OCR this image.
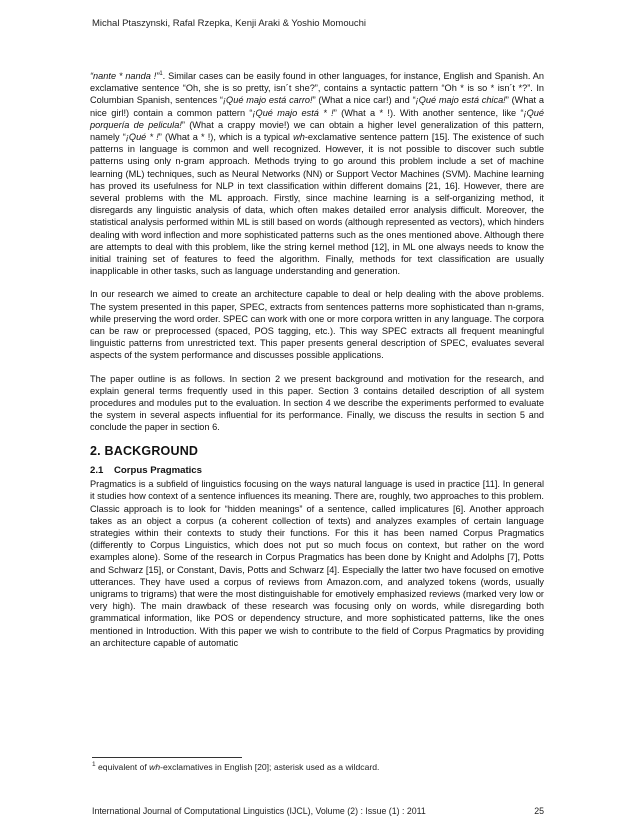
Michal Ptaszynski, Rafal Rzepka, Kenji Araki & Yoshio Momouchi

“nante * nanda !”$^1$. Similar cases can be easily found in other languages, for instance, English and Spanish. An exclamative sentence “Oh, she is so pretty, isn´t she?”, contains a syntactic pattern “Oh * is so * isn´t *?”. In Columbian Spanish, sentences “¡Qué majo está carro!” (What a nice car!) and “¡Qué majo está chica!” (What a nice girl!) contain a common pattern “¡Qué majo está * !” (What a * !). With another sentence, like “¡Qué porquería de pelicula!” (What a crappy movie!) we can obtain a higher level generalization of this pattern, namely “¡Qué * !” (What a * !), which is a typical wh-exclamative sentence pattern [15]. The existence of such patterns in language is common and well recognized. However, it is not possible to discover such subtle patterns using only n-gram approach. Methods trying to go around this problem include a set of machine learning (ML) techniques, such as Neural Networks (NN) or Support Vector Machines (SVM). Machine learning has proved its usefulness for NLP in text classification within different domains [21, 16]. However, there are several problems with the ML approach. Firstly, since machine learning is a self-organizing method, it disregards any linguistic analysis of data, which often makes detailed error analysis difficult. Moreover, the statistical analysis performed within ML is still based on words (although represented as vectors), which hinders dealing with word inflection and more sophisticated patterns such as the ones mentioned above. Although there are attempts to deal with this problem, like the string kernel method [12], in ML one always needs to know the initial training set of features to feed the algorithm. Finally, methods for text classification are usually inapplicable in other tasks, such as language understanding and generation.

In our research we aimed to create an architecture capable to deal or help dealing with the above problems. The system presented in this paper, SPEC, extracts from sentences patterns more sophisticated than n-grams, while preserving the word order. SPEC can work with one or more corpora written in any language. The corpora can be raw or preprocessed (spaced, POS tagging, etc.). This way SPEC extracts all frequent meaningful linguistic patterns from unrestricted text. This paper presents general description of SPEC, evaluates several aspects of the system performance and discusses possible applications.

The paper outline is as follows. In section 2 we present background and motivation for the research, and explain general terms frequently used in this paper. Section 3 contains detailed description of all system procedures and modules put to the evaluation. In section 4 we describe the experiments performed to evaluate the system in several aspects influential for its performance. Finally, we discuss the results in section 5 and conclude the paper in section 6.

2. BACKGROUND
2.1 Corpus Pragmatics

Pragmatics is a subfield of linguistics focusing on the ways natural language is used in practice [11]. In general it studies how context of a sentence influences its meaning. There are, roughly, two approaches to this problem. Classic approach is to look for “hidden meanings” of a sentence, called implicatures [6]. Another approach takes as an object a corpus (a coherent collection of texts) and analyzes examples of certain language strategies within their contexts to study their functions. For this it has been named Corpus Pragmatics (differently to Corpus Linguistics, which does not put so much focus on context, but rather on the word examples alone). Some of the research in Corpus Pragmatics has been done by Knight and Adolphs [7], Potts and Schwarz [15], or Constant, Davis, Potts and Schwarz [4]. Especially the latter two have focused on emotive utterances. They have used a corpus of reviews from Amazon.com, and analyzed tokens (words, usually unigrams to trigrams) that were the most distinguishable for emotively emphasized reviews (marked very low or very high). The main drawback of these research was focusing only on words, while disregarding both grammatical information, like POS or dependency structure, and more sophisticated patterns, like the ones mentioned in Introduction. With this paper we wish to contribute to the field of Corpus Pragmatics by providing an architecture capable of automatic

$^1$ equivalent of wh-exclamatives in English [20]; asterisk used as a wildcard.
International Journal of Computational Linguistics (IJCL), Volume (2) : Issue (1) : 2011	25
